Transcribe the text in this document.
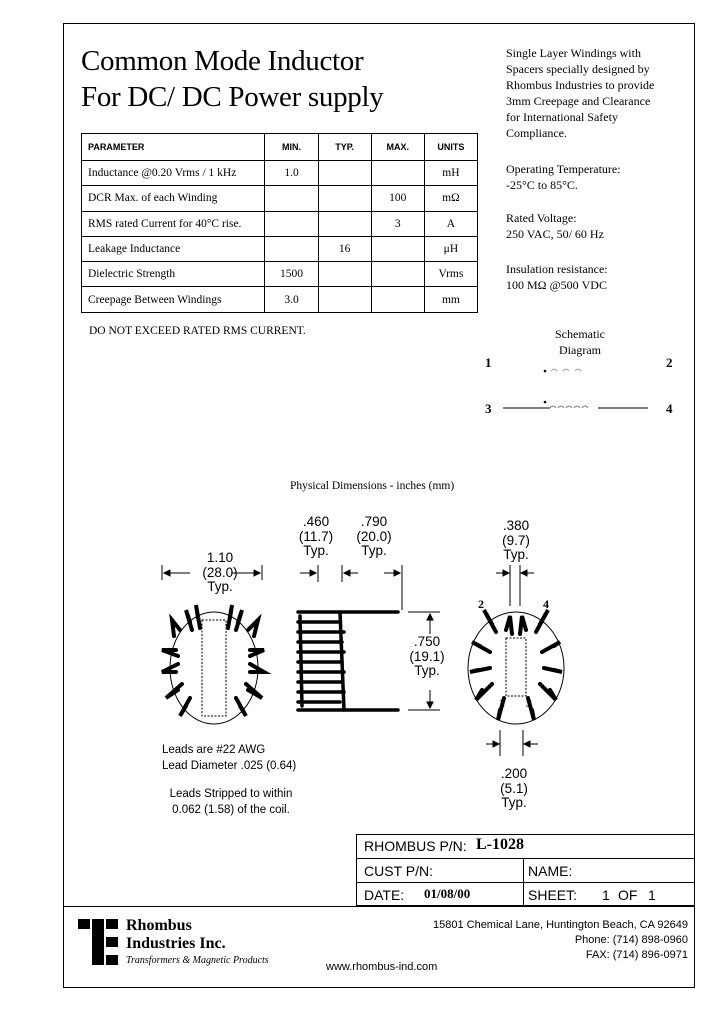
Common Mode Inductor
For DC/ DC Power supply
PARAMETER	MIN.	TYP.	MAX.	UNITS
Inductance @0.20 Vrms / 1 kHz	1.0			mH
DCR Max. of each Winding			100	mΩ
RMS rated Current for 40°C rise.			3	A
Leakage Inductance		16		μH
Dielectric Strength	1500			Vrms
Creepage Between Windings	3.0			mm
DO NOT EXCEED RATED RMS CURRENT.
Single Layer Windings with
Spacers specially designed by
Rhombus Industries to provide
3mm Creepage and Clearance
for International Safety
Compliance.
Operating Temperature:
-25°C to 85°C.
Rated Voltage:
250 VAC, 50/ 60 Hz
Insulation resistance:
100 MΩ @500 VDC
Schematic
Diagram
1	2
3	4
Physical Dimensions - inches (mm)
1.10
(28.0)
Typ.
.460
(11.7)
Typ.
.790
(20.0)
Typ.
.750
(19.1)
Typ.
.380
(9.7)
Typ.
.200
(5.1)
Typ.
2	4
1 3
Leads are #22 AWG
Lead Diameter .025 (0.64)
Leads Stripped to within
0.062 (1.58) of the coil.
RHOMBUS P/N: L-1028
CUST P/N:	NAME:
DATE: 01/08/00	SHEET: 1 OF 1
Rhombus
Industries Inc.
Transformers & Magnetic Products
15801 Chemical Lane, Huntington Beach, CA 92649
Phone: (714) 898-0960
FAX: (714) 896-0971
www.rhombus-ind.com
